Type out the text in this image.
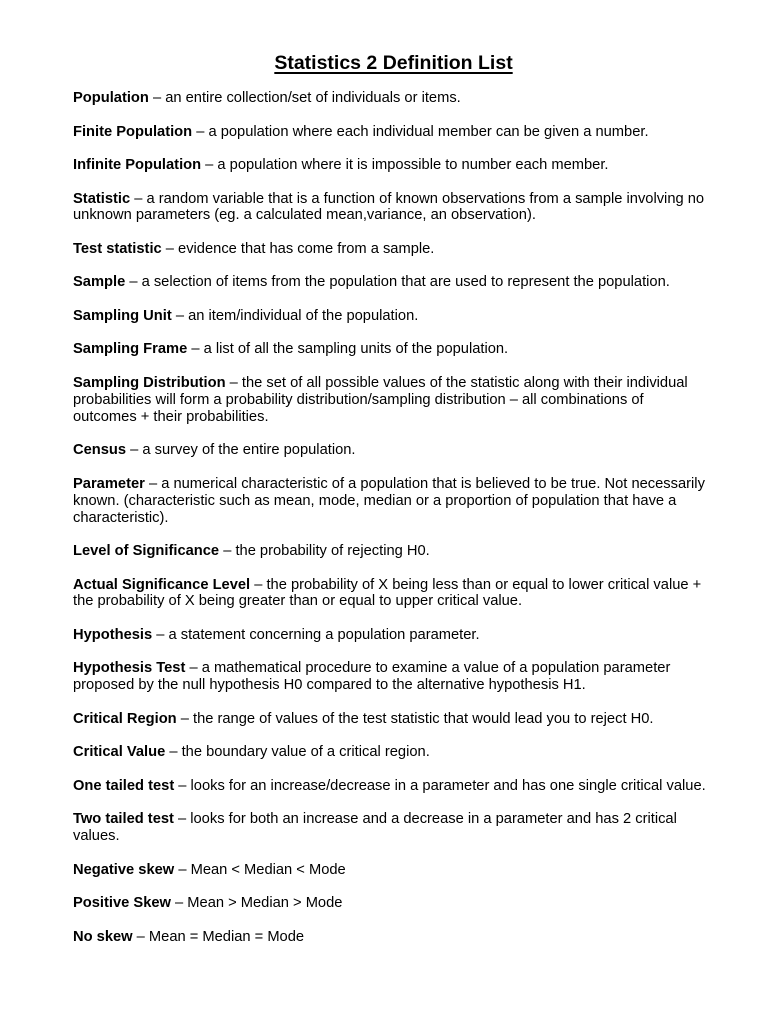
Statistics 2 Definition List

Population – an entire collection/set of individuals or items.

Finite Population – a population where each individual member can be given a number.

Infinite Population – a population where it is impossible to number each member.

Statistic – a random variable that is a function of known observations from a sample involving no unknown parameters (eg. a calculated mean,variance, an observation).

Test statistic – evidence that has come from a sample.

Sample – a selection of items from the population that are used to represent the population.

Sampling Unit – an item/individual of the population.

Sampling Frame – a list of all the sampling units of the population.

Sampling Distribution – the set of all possible values of the statistic along with their individual probabilities will form a probability distribution/sampling distribution – all combinations of outcomes + their probabilities.

Census – a survey of the entire population.

Parameter – a numerical characteristic of a population that is believed to be true. Not necessarily known. (characteristic such as mean, mode, median or a proportion of population that have a characteristic).

Level of Significance – the probability of rejecting H0.

Actual Significance Level – the probability of X being less than or equal to lower critical value + the probability of X being greater than or equal to upper critical value.

Hypothesis – a statement concerning a population parameter.

Hypothesis Test – a mathematical procedure to examine a value of a population parameter proposed by the null hypothesis H0 compared to the alternative hypothesis H1.

Critical Region – the range of values of the test statistic that would lead you to reject H0.

Critical Value – the boundary value of a critical region.

One tailed test – looks for an increase/decrease in a parameter and has one single critical value.

Two tailed test – looks for both an increase and a decrease in a parameter and has 2 critical values.

Negative skew – Mean < Median < Mode

Positive Skew – Mean > Median > Mode

No skew – Mean = Median = Mode
